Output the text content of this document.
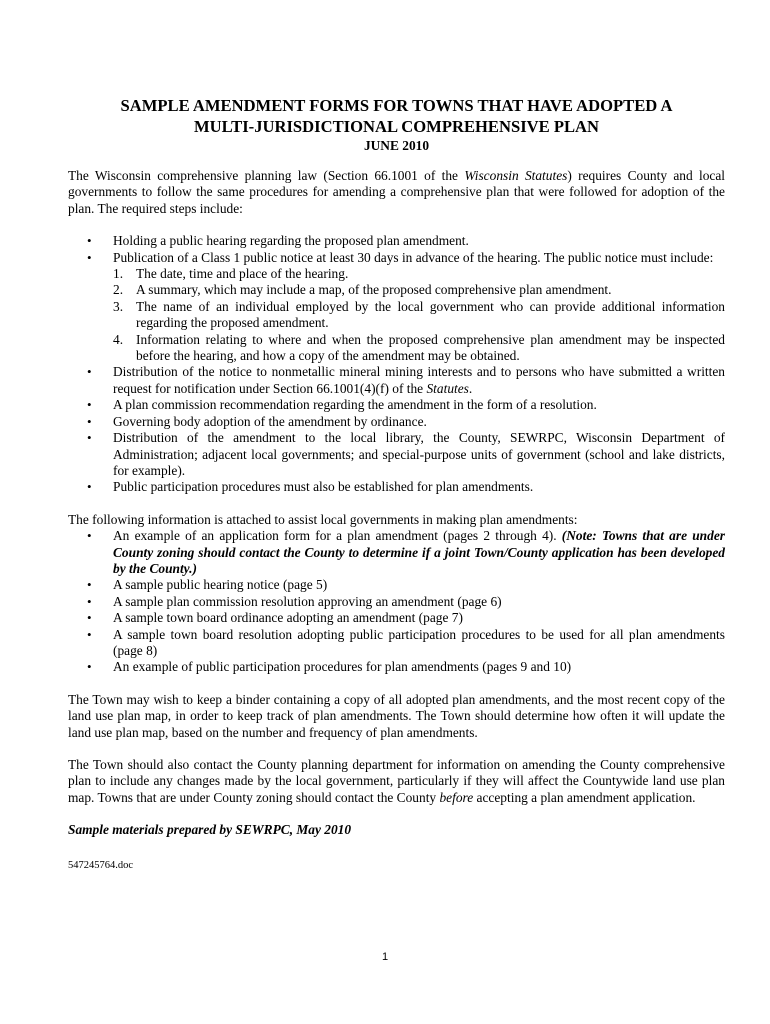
SAMPLE AMENDMENT FORMS FOR TOWNS THAT HAVE ADOPTED A

MULTI-JURISDICTIONAL COMPREHENSIVE PLAN

JUNE 2010

The Wisconsin comprehensive planning law (Section 66.1001 of the Wisconsin Statutes) requires County and local governments to follow the same procedures for amending a comprehensive plan that were followed for adoption of the plan. The required steps include:

• Holding a public hearing regarding the proposed plan amendment.
• Publication of a Class 1 public notice at least 30 days in advance of the hearing. The public notice must include:
1. The date, time and place of the hearing.
2. A summary, which may include a map, of the proposed comprehensive plan amendment.
3. The name of an individual employed by the local government who can provide additional information regarding the proposed amendment.
4. Information relating to where and when the proposed comprehensive plan amendment may be inspected before the hearing, and how a copy of the amendment may be obtained.
• Distribution of the notice to nonmetallic mineral mining interests and to persons who have submitted a written request for notification under Section 66.1001(4)(f) of the Statutes.
• A plan commission recommendation regarding the amendment in the form of a resolution.
• Governing body adoption of the amendment by ordinance.
• Distribution of the amendment to the local library, the County, SEWRPC, Wisconsin Department of Administration; adjacent local governments; and special-purpose units of government (school and lake districts, for example).
• Public participation procedures must also be established for plan amendments.

The following information is attached to assist local governments in making plan amendments:

• An example of an application form for a plan amendment (pages 2 through 4). (Note: Towns that are under County zoning should contact the County to determine if a joint Town/County application has been developed by the County.)
• A sample public hearing notice (page 5)
• A sample plan commission resolution approving an amendment (page 6)
• A sample town board ordinance adopting an amendment (page 7)
• A sample town board resolution adopting public participation procedures to be used for all plan amendments (page 8)
• An example of public participation procedures for plan amendments (pages 9 and 10)

The Town may wish to keep a binder containing a copy of all adopted plan amendments, and the most recent copy of the land use plan map, in order to keep track of plan amendments. The Town should determine how often it will update the land use plan map, based on the number and frequency of plan amendments.

The Town should also contact the County planning department for information on amending the County comprehensive plan to include any changes made by the local government, particularly if they will affect the Countywide land use plan map. Towns that are under County zoning should contact the County before accepting a plan amendment application.

Sample materials prepared by SEWRPC, May 2010

547245764.doc
1
